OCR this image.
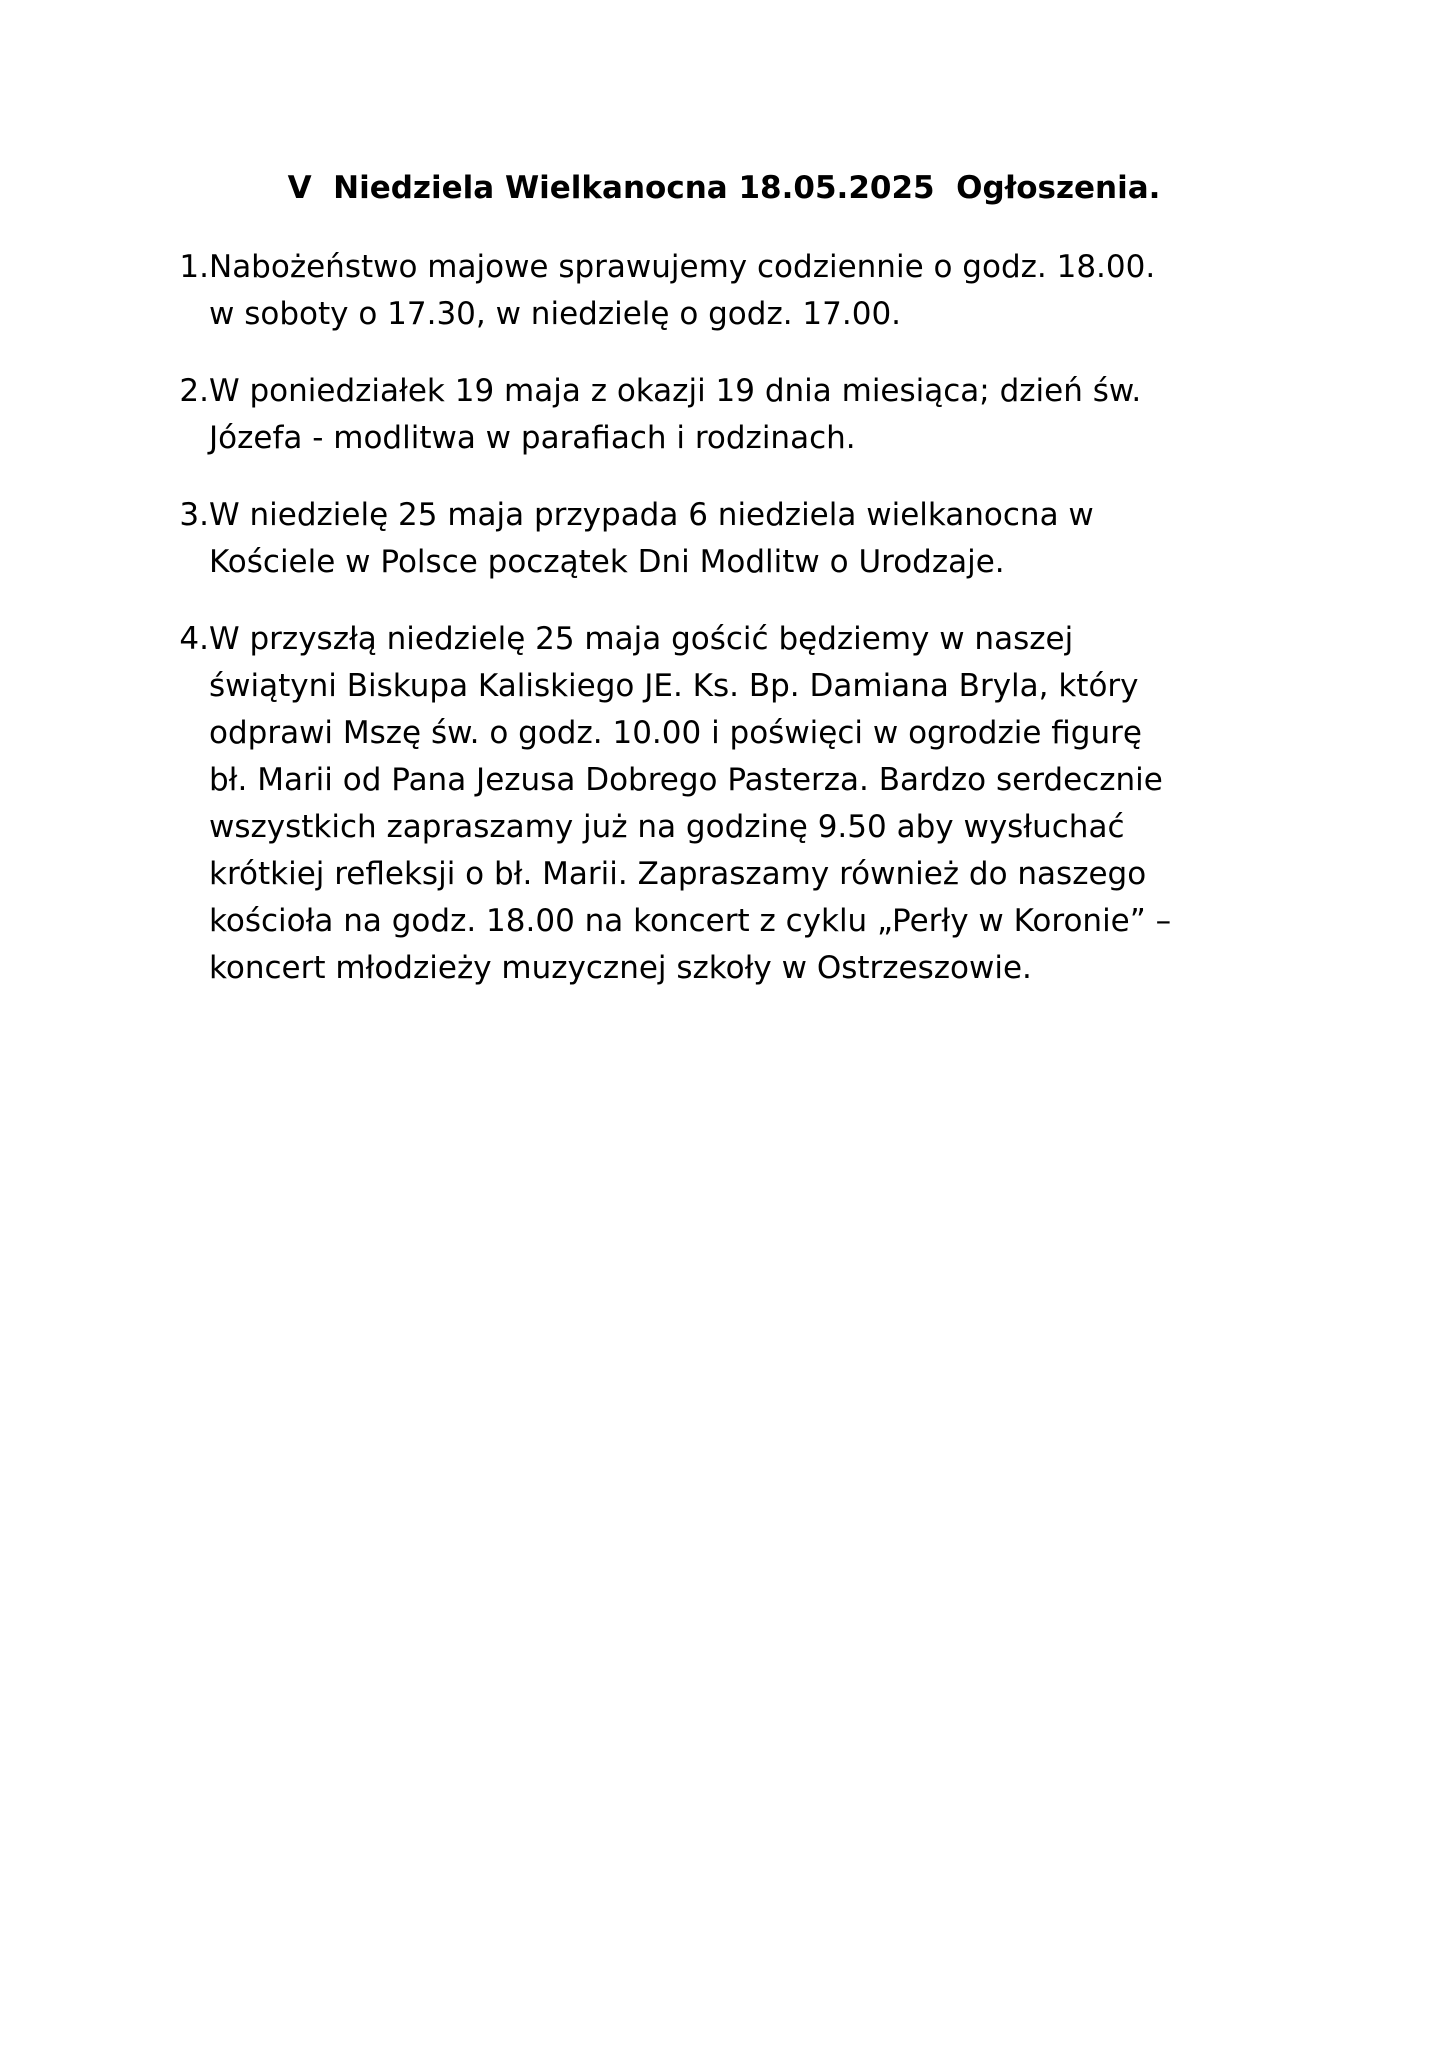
V  Niedziela Wielkanocna 18.05.2025  Ogłoszenia.
1. Nabożeństwo majowe sprawujemy codziennie o godz. 18.00.
w soboty o 17.30, w niedzielę o godz. 17.00.
2. W poniedziałek 19 maja z okazji 19 dnia miesiąca; dzień św.
Józefa - modlitwa w parafiach i rodzinach.
3. W niedzielę 25 maja przypada 6 niedziela wielkanocna w
Kościele w Polsce początek Dni Modlitw o Urodzaje.
4. W przyszłą niedzielę 25 maja gościć będziemy w naszej
świątyni Biskupa Kaliskiego JE. Ks. Bp. Damiana Bryla, który
odprawi Mszę św. o godz. 10.00 i poświęci w ogrodzie figurę
bł. Marii od Pana Jezusa Dobrego Pasterza. Bardzo serdecznie
wszystkich zapraszamy już na godzinę 9.50 aby wysłuchać
krótkiej refleksji o bł. Marii. Zapraszamy również do naszego
kościoła na godz. 18.00 na koncert z cyklu „Perły w Koronie” –
koncert młodzieży muzycznej szkoły w Ostrzeszowie.
